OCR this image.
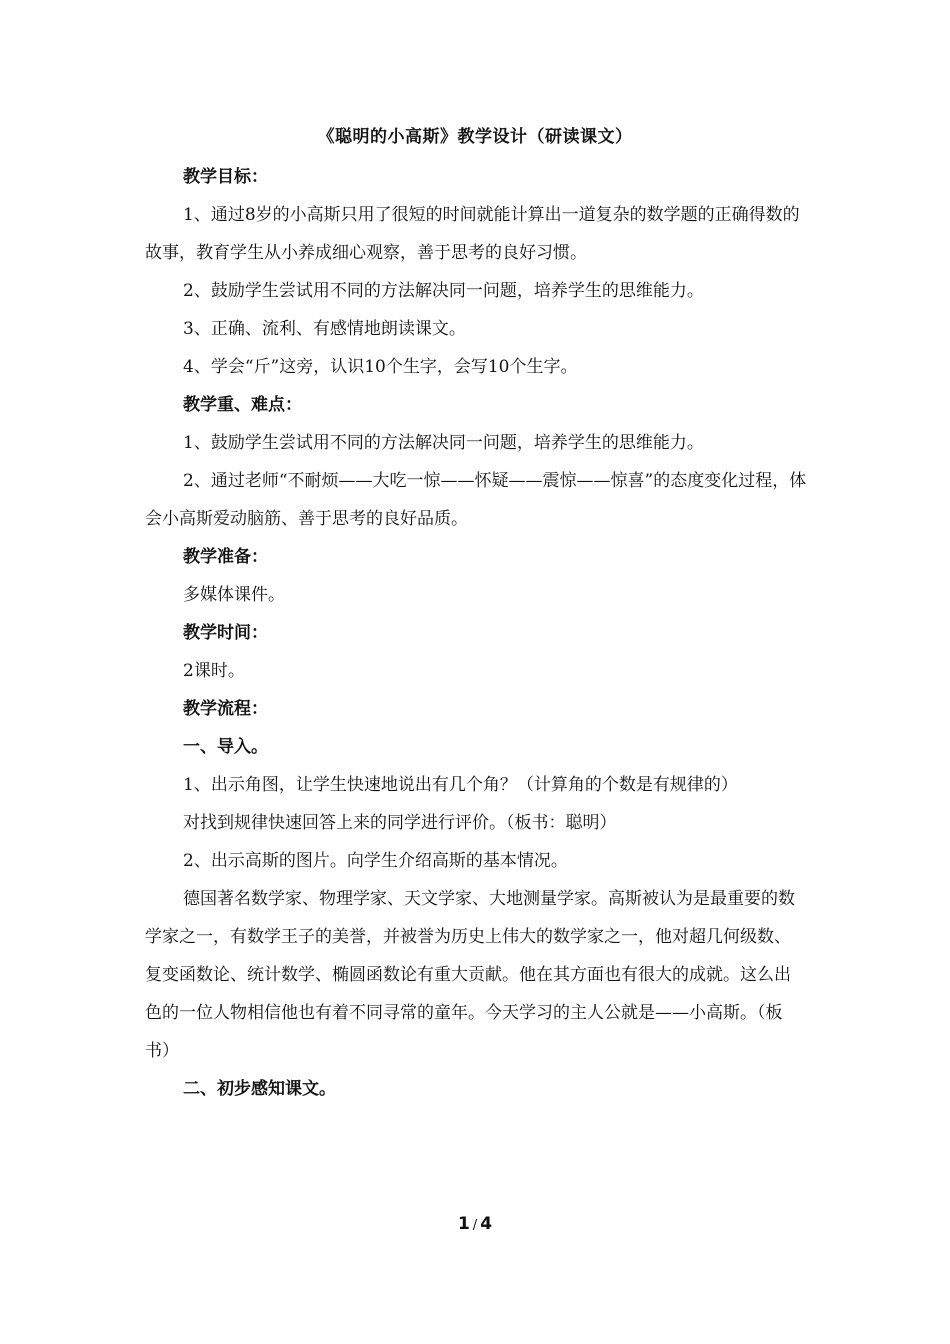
《聪明的小高斯》教学设计（研读课文）

教学目标：

1、通过8岁的小高斯只用了很短的时间就能计算出一道复杂的数学题的正确得数的故事，教育学生从小养成细心观察，善于思考的良好习惯。

2、鼓励学生尝试用不同的方法解决同一问题，培养学生的思维能力。

3、正确、流利、有感情地朗读课文。

4、学会“斤”这旁，认识10个生字，会写10个生字。

教学重、难点：

1、鼓励学生尝试用不同的方法解决同一问题，培养学生的思维能力。

2、通过老师“不耐烦——大吃一惊——怀疑——震惊——惊喜”的态度变化过程，体会小高斯爱动脑筋、善于思考的良好品质。

教学准备：

多媒体课件。

教学时间：

2课时。

教学流程：

一、导入。

1、出示角图，让学生快速地说出有几个角？（计算角的个数是有规律的）

对找到规律快速回答上来的同学进行评价。（板书：聪明）

2、出示高斯的图片。向学生介绍高斯的基本情况。

德国著名数学家、物理学家、天文学家、大地测量学家。高斯被认为是最重要的数学家之一，有数学王子的美誉，并被誉为历史上伟大的数学家之一，他对超几何级数、复变函数论、统计数学、椭圆函数论有重大贡献。他在其方面也有很大的成就。这么出色的一位人物相信他也有着不同寻常的童年。今天学习的主人公就是——小高斯。（板书）

二、初步感知课文。

1 / 4
